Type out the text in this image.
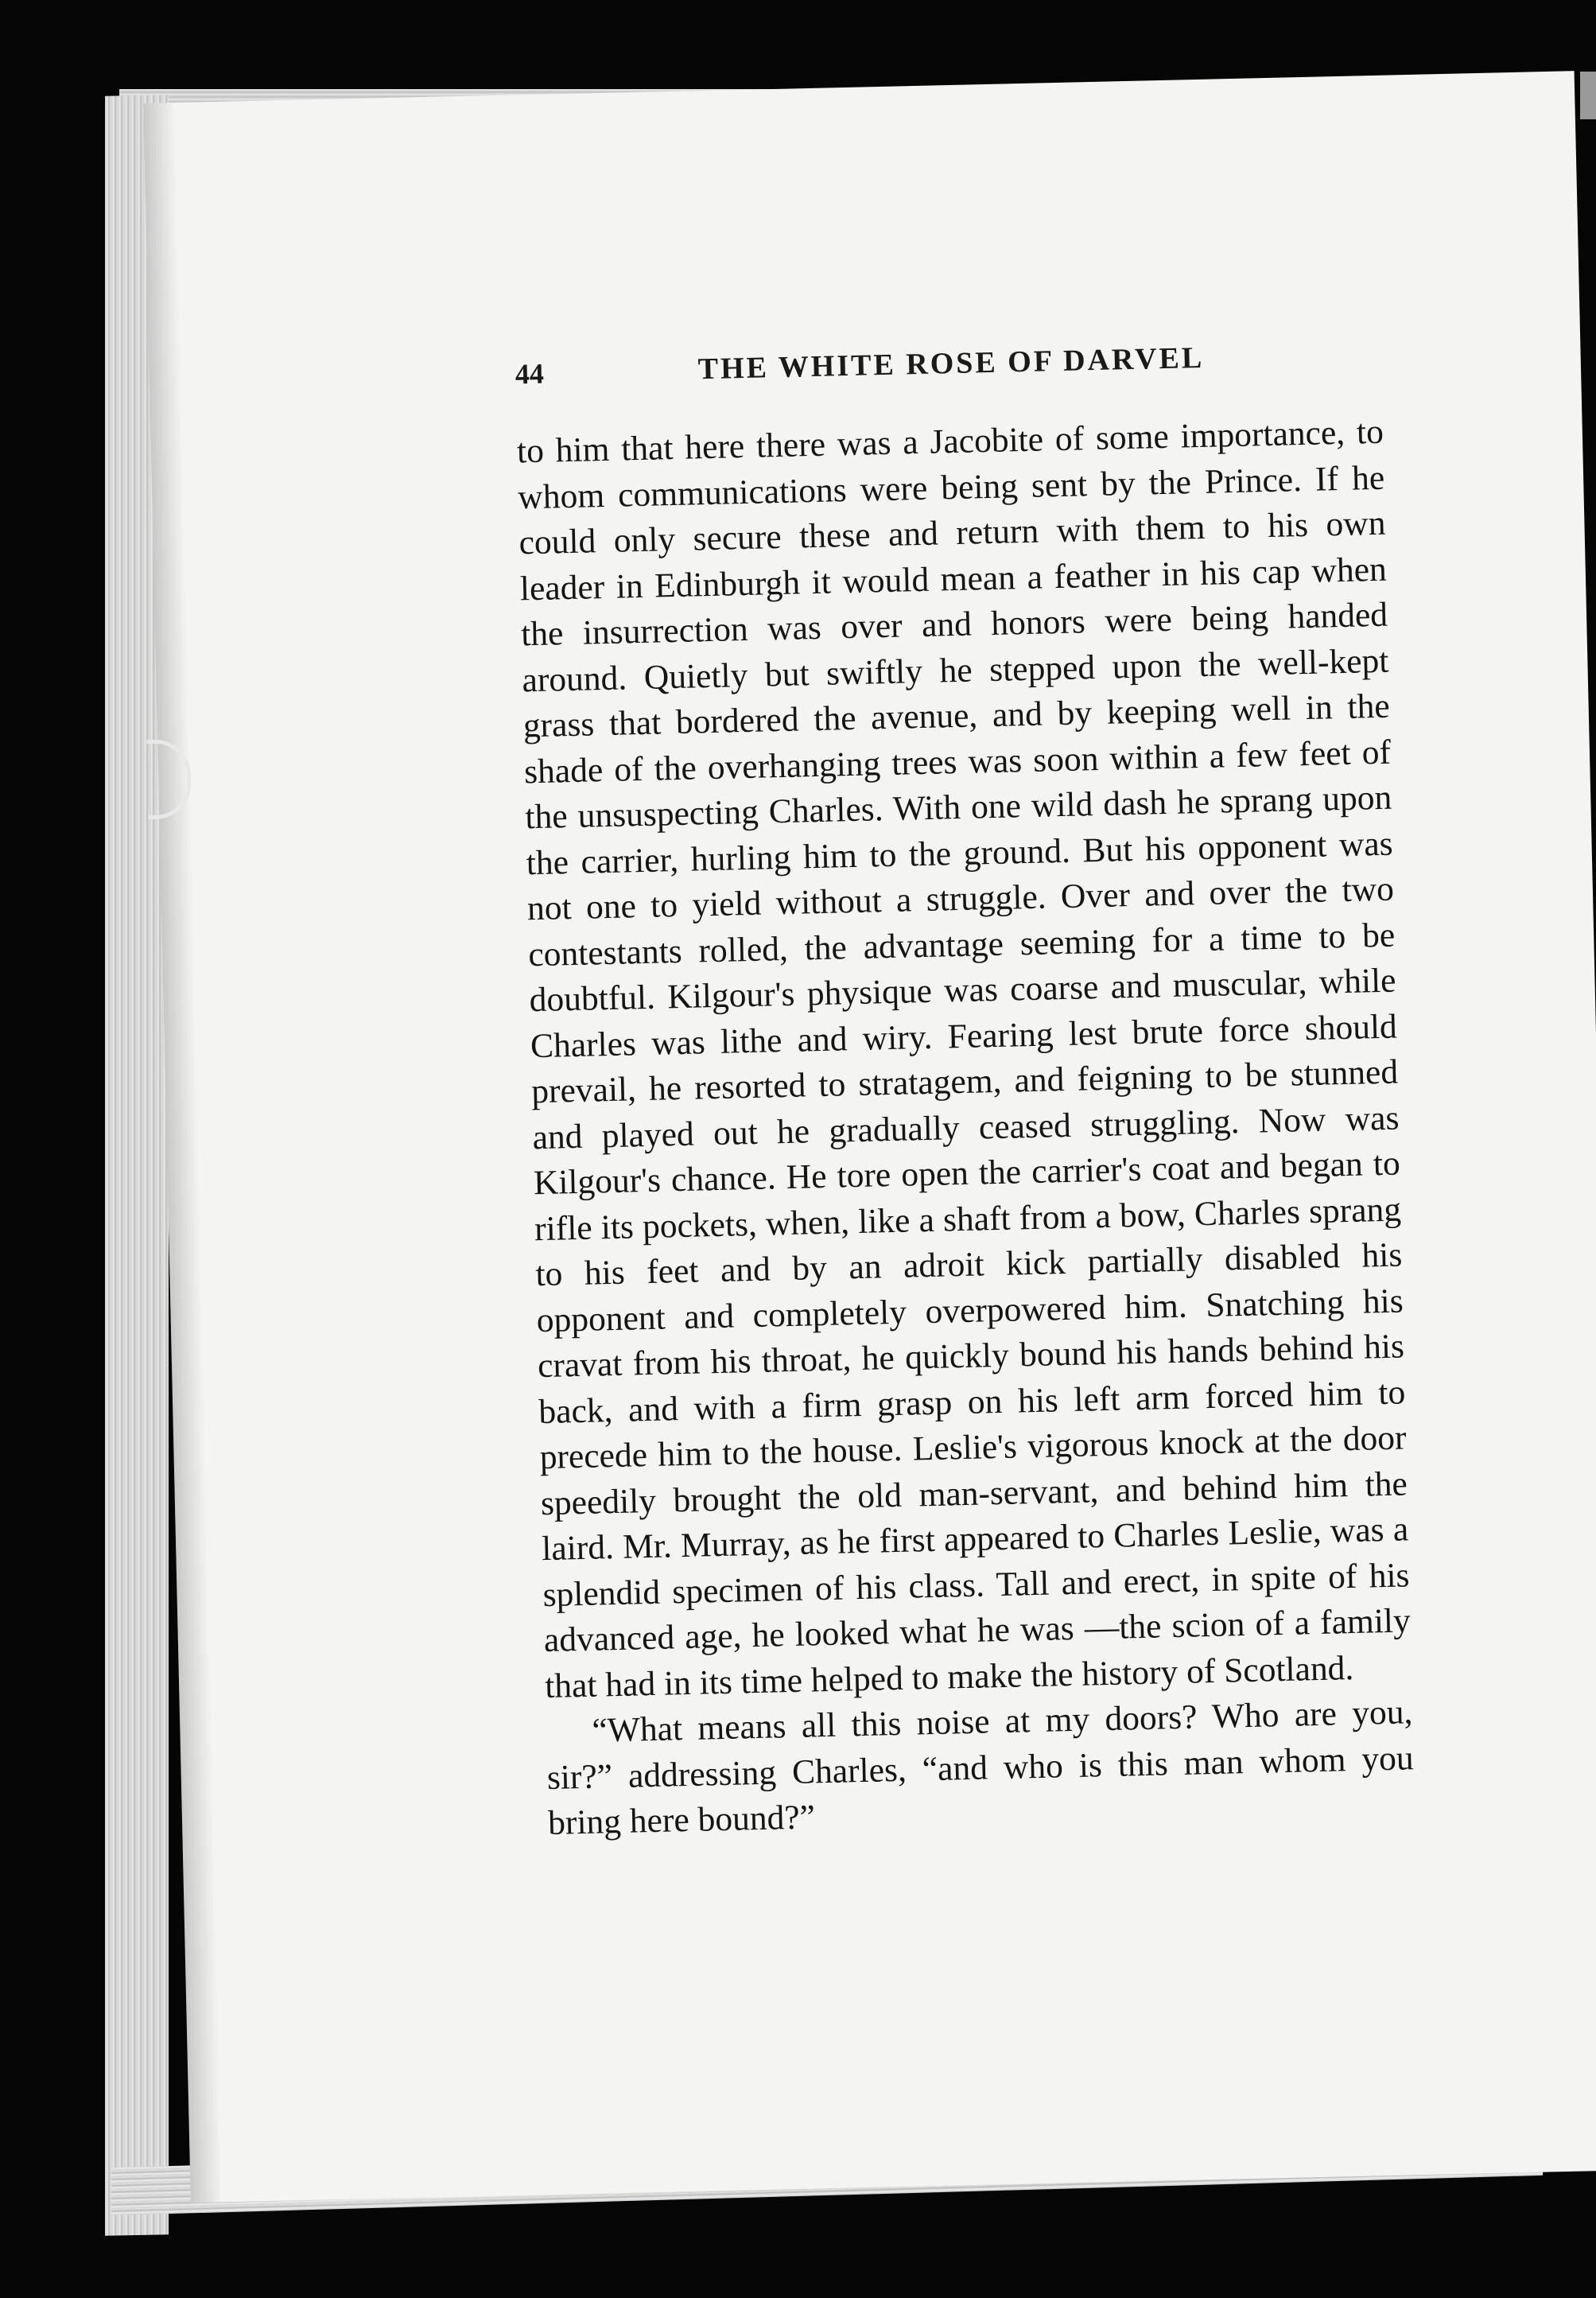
44	THE WHITE ROSE OF DARVEL

to him that here there was a Jacobite of some importance, to whom communications were being sent by the Prince. If he could only secure these and return with them to his own leader in Edinburgh it would mean a feather in his cap when the insurrection was over and honors were being handed around. Quietly but swiftly he stepped upon the well-kept grass that bordered the avenue, and by keeping well in the shade of the overhanging trees was soon within a few feet of the unsuspecting Charles. With one wild dash he sprang upon the carrier, hurling him to the ground. But his opponent was not one to yield without a struggle. Over and over the two contestants rolled, the advantage seeming for a time to be doubtful. Kilgour's physique was coarse and muscular, while Charles was lithe and wiry. Fearing lest brute force should prevail, he resorted to stratagem, and feigning to be stunned and played out he gradually ceased struggling. Now was Kilgour's chance. He tore open the carrier's coat and began to rifle its pockets, when, like a shaft from a bow, Charles sprang to his feet and by an adroit kick partially disabled his opponent and completely overpowered him. Snatching his cravat from his throat, he quickly bound his hands behind his back, and with a firm grasp on his left arm forced him to precede him to the house. Leslie's vigorous knock at the door speedily brought the old man-servant, and behind him the laird. Mr. Murray, as he first appeared to Charles Leslie, was a splendid specimen of his class. Tall and erect, in spite of his advanced age, he looked what he was —the scion of a family that had in its time helped to make the history of Scotland.

“What means all this noise at my doors? Who are you, sir?” addressing Charles, “and who is this man whom you bring here bound?”
